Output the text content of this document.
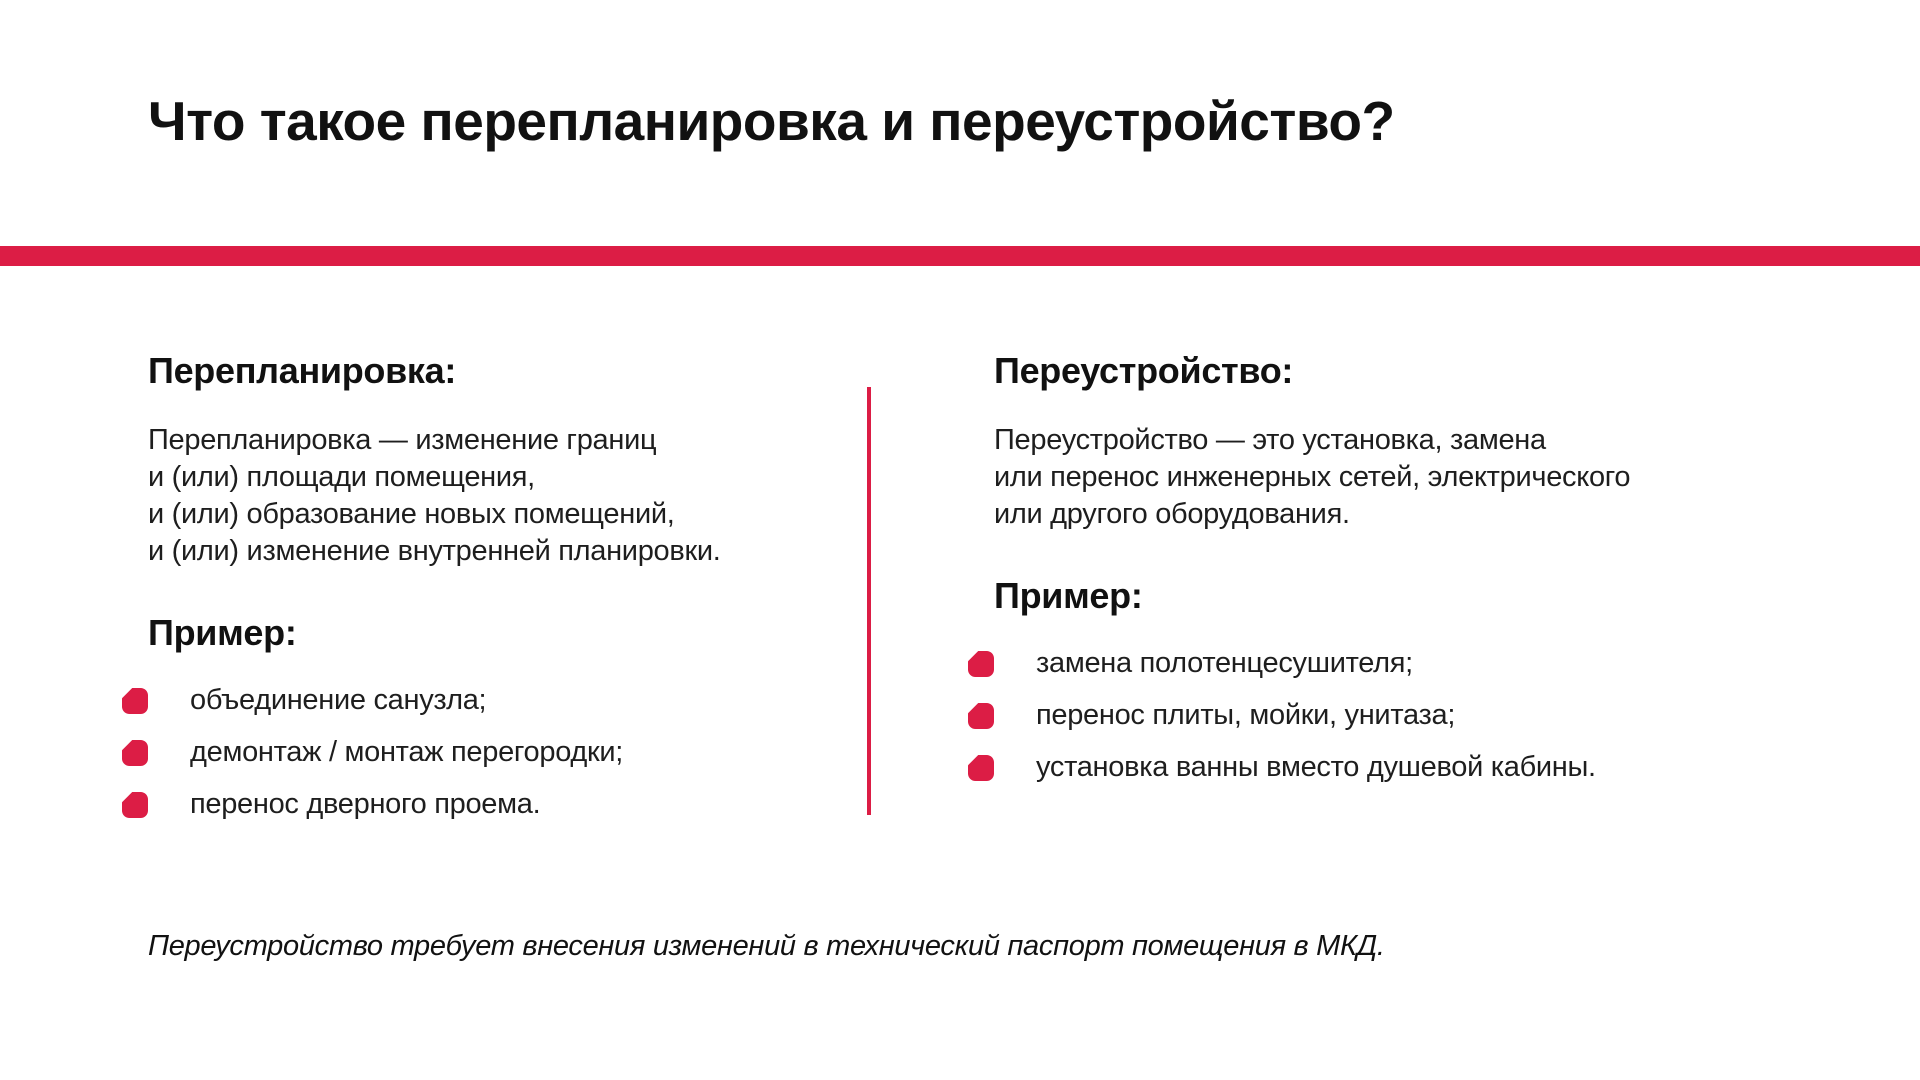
Что такое перепланировка и переустройство?
Перепланировка:
Перепланировка — изменение границ
и (или) площади помещения,
и (или) образование новых помещений,
и (или) изменение внутренней планировки.
Пример:
объединение санузла;
демонтаж / монтаж перегородки;
перенос дверного проема.
Переустройство:
Переустройство — это установка, замена
или перенос инженерных сетей, электрического
или другого оборудования.
Пример:
замена полотенцесушителя;
перенос плиты, мойки, унитаза;
установка ванны вместо душевой кабины.

Переустройство требует внесения изменений в технический паспорт помещения в МКД.
